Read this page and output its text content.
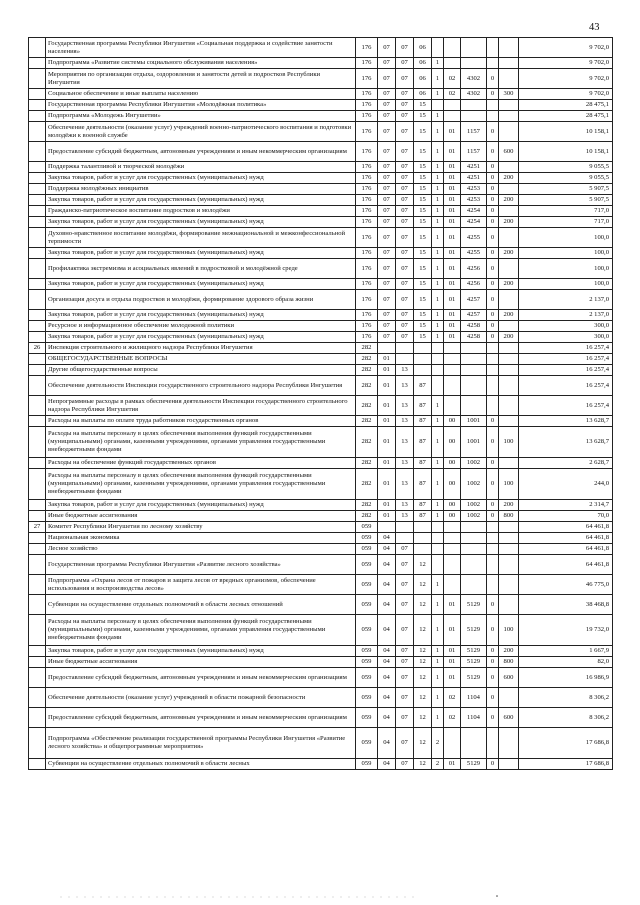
43
	Государственная программа Республики Ингушетия «Социальная поддержка и содействие занятости населения»	176	07	07	06						9 702,0
	Подпрограмма «Развитие системы социального обслуживания населения»	176	07	07	06	1					9 702,0
	Мероприятия по организации отдыха, оздоровления и занятости детей и подростков Республики Ингушетия	176	07	07	06	1	02	4302	0		9 702,0
	Социальное обеспечение и иные выплаты населению	176	07	07	06	1	02	4302	0	300	9 702,0
	Государственная программа Республики Ингушетия «Молодёжная политика»	176	07	07	15						28 475,1
	Подпрограмма «Молодежь Ингушетии»	176	07	07	15	1					28 475,1
	Обеспечение деятельности (оказание услуг) учреждений военно-патриотического воспитания и подготовки молодёжи к военной службе	176	07	07	15	1	01	1157	0		10 158,1
	Предоставление субсидий бюджетным, автономным учреждениям и иным некоммерческим организациям	176	07	07	15	1	01	1157	0	600	10 158,1
	Поддержка талантливой и творческой молодёжи	176	07	07	15	1	01	4251	0		9 055,5
	Закупка товаров, работ и услуг для государственных (муниципальных) нужд	176	07	07	15	1	01	4251	0	200	9 055,5
	Поддержка молодёжных инициатив	176	07	07	15	1	01	4253	0		5 907,5
	Закупка товаров, работ и услуг для государственных (муниципальных) нужд	176	07	07	15	1	01	4253	0	200	5 907,5
	Гражданско-патриотическое воспитание подростков и молодёжи	176	07	07	15	1	01	4254	0		717,0
	Закупка товаров, работ и услуг для государственных (муниципальных) нужд	176	07	07	15	1	01	4254	0	200	717,0
	Духовно-нравственное воспитание молодёжи, формирование межнациональной и межконфессиональной терпимости	176	07	07	15	1	01	4255	0		100,0
	Закупка товаров, работ и услуг для государственных (муниципальных) нужд	176	07	07	15	1	01	4255	0	200	100,0
	Профилактика экстремизма и асоциальных явлений в подростковой и молодёжной среде	176	07	07	15	1	01	4256	0		100,0
	Закупка товаров, работ и услуг для государственных (муниципальных) нужд	176	07	07	15	1	01	4256	0	200	100,0
	Организация досуга и отдыха подростков и молодёжи, формирование здорового образа жизни	176	07	07	15	1	01	4257	0		2 137,0
	Закупка товаров, работ и услуг для государственных (муниципальных) нужд	176	07	07	15	1	01	4257	0	200	2 137,0
	Ресурсное и информационное обеспечение молодежной политики	176	07	07	15	1	01	4258	0		300,0
	Закупка товаров, работ и услуг для государственных (муниципальных) нужд	176	07	07	15	1	01	4258	0	200	300,0
26	Инспекция строительного и жилищного надзора Республики Ингушетия	282									16 257,4
	ОБЩЕГОСУДАРСТВЕННЫЕ ВОПРОСЫ	282	01								16 257,4
	Другие общегосударственные вопросы	282	01	13							16 257,4
	Обеспечение деятельности Инспекции государственного строительного надзора Республики Ингушетия	282	01	13	87						16 257,4
	Непрограммные расходы в рамках обеспечения деятельности Инспекции государственного строительного надзора Республики Ингушетия	282	01	13	87	1					16 257,4
	Расходы на выплаты по оплате труда работников государственных органов	282	01	13	87	1	00	1001	0		13 628,7
	Расходы на выплаты персоналу в целях обеспечения выполнения функций государственными (муниципальными) органами, казенными учреждениями, органами управления государственными внебюджетными фондами	282	01	13	87	1	00	1001	0	100	13 628,7
	Расходы на обеспечение функций государственных органов	282	01	13	87	1	00	1002	0		2 628,7
	Расходы на выплаты персоналу в целях обеспечения выполнения функций государственными (муниципальными) органами, казенными учреждениями, органами управления государственными внебюджетными фондами	282	01	13	87	1	00	1002	0	100	244,0
	Закупка товаров, работ и услуг для государственных (муниципальных) нужд	282	01	13	87	1	00	1002	0	200	2 314,7
	Иные бюджетные ассигнования	282	01	13	87	1	00	1002	0	800	70,0
27	Комитет Республики Ингушетия по лесному хозяйству	059									64 461,8
	Национальная экономика	059	04								64 461,8
	Лесное хозяйство	059	04	07							64 461,8
	Государственная программа Республики Ингушетия «Развитие лесного хозяйства»	059	04	07	12						64 461,8
	Подпрограмма «Охрана лесов от пожаров и защита лесов от вредных организмов, обеспечение использования и воспроизводства лесов»	059	04	07	12	1					46 775,0
	Субвенции на осуществление отдельных полномочий в области лесных отношений	059	04	07	12	1	01	5129	0		38 468,8
	Расходы на выплаты персоналу в целях обеспечения выполнения функций государственными (муниципальными) органами, казенными учреждениями, органами управления государственными внебюджетными фондами	059	04	07	12	1	01	5129	0	100	19 732,0
	Закупка товаров, работ и услуг для государственных (муниципальных) нужд	059	04	07	12	1	01	5129	0	200	1 667,9
	Иные бюджетные ассигнования	059	04	07	12	1	01	5129	0	800	82,0
	Предоставление субсидий бюджетным, автономным учреждениям и иным некоммерческим организациям	059	04	07	12	1	01	5129	0	600	16 986,9
	Обеспечение деятельности (оказание услуг) учреждений в области пожарной безопасности	059	04	07	12	1	02	1104	0		8 306,2
	Предоставление субсидий бюджетным, автономным учреждениям и иным некоммерческим организациям	059	04	07	12	1	02	1104	0	600	8 306,2
	Подпрограмма «Обеспечение реализации государственной программы Республики Ингушетия «Развитие лесного хозяйства» и общепрограммные мероприятия»	059	04	07	12	2					17 686,8
	Субвенции на осуществление отдельных полномочий в области лесных	059	04	07	12	2	01	5129	0		17 686,8
